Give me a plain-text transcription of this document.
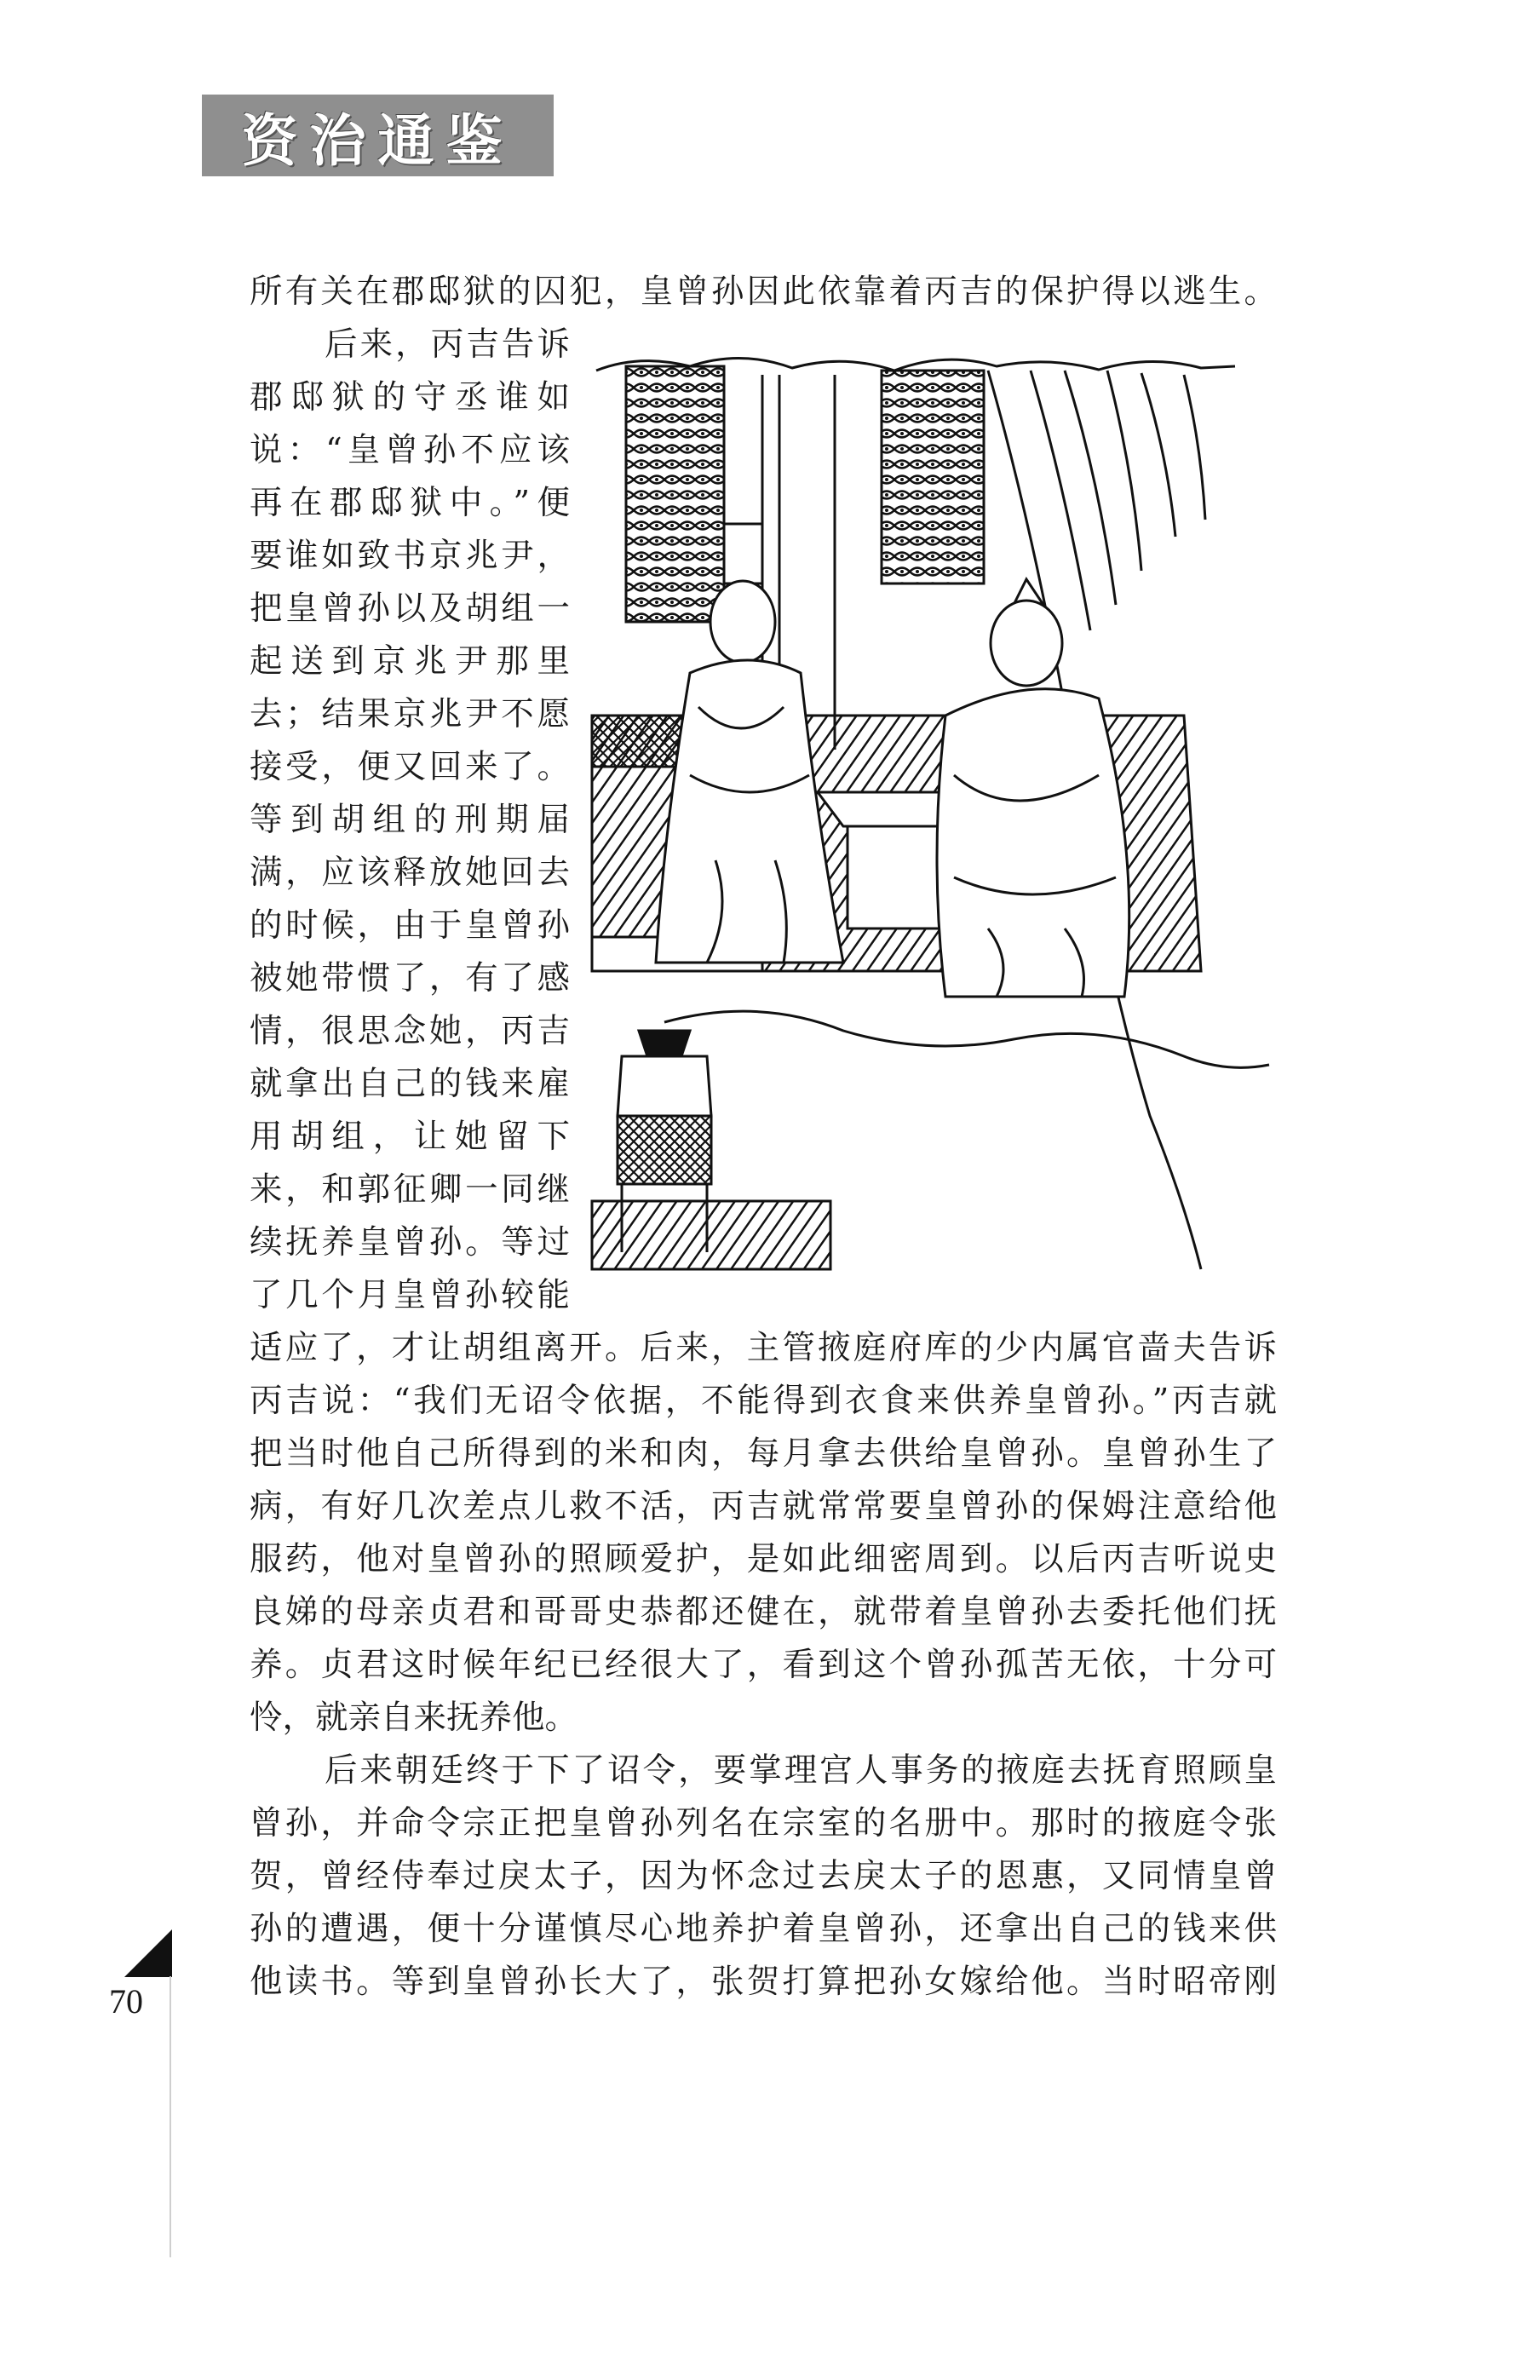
资治通鉴
所有关在郡邸狱的囚犯，皇曾孙因此依靠着丙吉的保护得以逃生。
后来，丙吉告诉
郡邸狱的守丞谁如
说：“皇曾孙不应该
再在郡邸狱中。”便
要谁如致书京兆尹，
把皇曾孙以及胡组一
起送到京兆尹那里
去；结果京兆尹不愿
接受，便又回来了。
等到胡组的刑期届
满，应该释放她回去
的时候，由于皇曾孙
被她带惯了，有了感
情，很思念她，丙吉
就拿出自己的钱来雇
用胡组，让她留下
来，和郭征卿一同继
续抚养皇曾孙。等过
了几个月皇曾孙较能
适应了，才让胡组离开。后来，主管掖庭府库的少内属官啬夫告诉
丙吉说：“我们无诏令依据，不能得到衣食来供养皇曾孙。”丙吉就
把当时他自己所得到的米和肉，每月拿去供给皇曾孙。皇曾孙生了
病，有好几次差点儿救不活，丙吉就常常要皇曾孙的保姆注意给他
服药，他对皇曾孙的照顾爱护，是如此细密周到。以后丙吉听说史
良娣的母亲贞君和哥哥史恭都还健在，就带着皇曾孙去委托他们抚
养。贞君这时候年纪已经很大了，看到这个曾孙孤苦无依，十分可
怜，就亲自来抚养他。
后来朝廷终于下了诏令，要掌理宫人事务的掖庭去抚育照顾皇
曾孙，并命令宗正把皇曾孙列名在宗室的名册中。那时的掖庭令张
贺，曾经侍奉过戾太子，因为怀念过去戾太子的恩惠，又同情皇曾
孙的遭遇，便十分谨慎尽心地养护着皇曾孙，还拿出自己的钱来供
他读书。等到皇曾孙长大了，张贺打算把孙女嫁给他。当时昭帝刚
70
